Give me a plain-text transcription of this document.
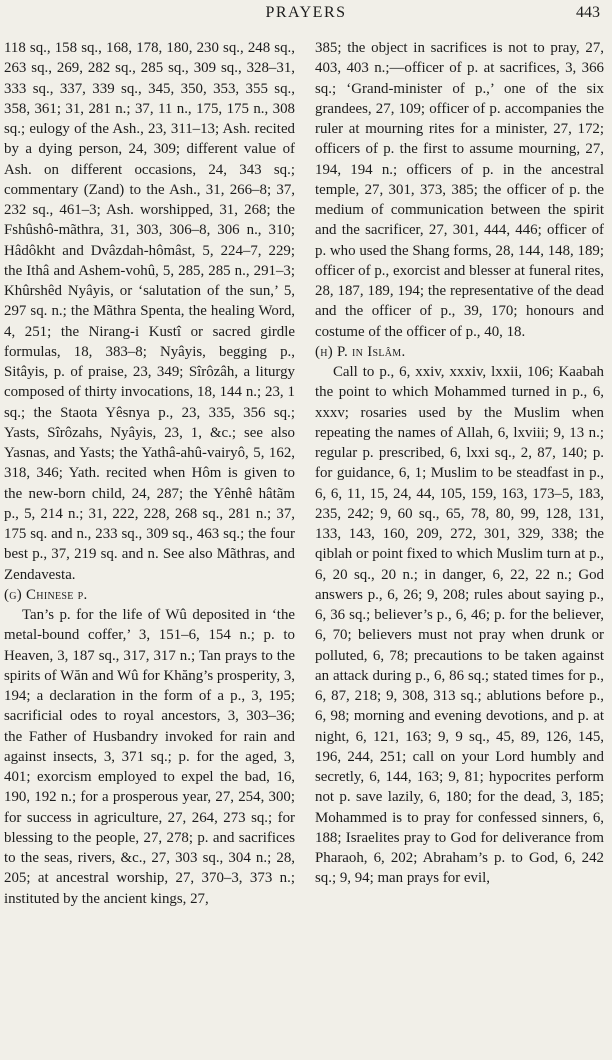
PRAYERS	443

118 sq., 158 sq., 168, 178, 180, 230 sq., 248 sq., 263 sq., 269, 282 sq., 285 sq., 309 sq., 328–31, 333 sq., 337, 339 sq., 345, 350, 353, 355 sq., 358, 361; 31, 281 n.; 37, 11 n., 175, 175 n., 308 sq.; eulogy of the Ash., 23, 311–13; Ash. recited by a dying person, 24, 309; different value of Ash. on different occasions, 24, 343 sq.; commentary (Zand) to the Ash., 31, 266–8; 37, 232 sq., 461–3; Ash. worshipped, 31, 268; the Fshûshô-mãthra, 31, 303, 306–8, 306 n., 310; Hâdôkht and Dvâzdah-hômâst, 5, 224–7, 229; the Ithâ and Ashem-vohû, 5, 285, 285 n., 291–3; Khûrshêd Nyâyis, or ‘salutation of the sun,’ 5, 297 sq. n.; the Mãthra Spenta, the healing Word, 4, 251; the Nirang-i Kustî or sacred girdle formulas, 18, 383–8; Nyâyis, begging p., Sitâyis, p. of praise, 23, 349; Sîrôzâh, a liturgy composed of thirty invocations, 18, 144 n.; 23, 1 sq.; the Staota Yêsnya p., 23, 335, 356 sq.; Yasts, Sîrôzahs, Nyâyis, 23, 1, &c.; see also Yasnas, and Yasts; the Yathâ-ahû-vairyô, 5, 162, 318, 346; Yath. recited when Hôm is given to the new-born child, 24, 287; the Yênhê hâtãm p., 5, 214 n.; 31, 222, 228, 268 sq., 281 n.; 37, 175 sq. and n., 233 sq., 309 sq., 463 sq.; the four best p., 37, 219 sq. and n. See also Mãthras, and Zendavesta.

(g) Chinese p.

Tan’s p. for the life of Wû deposited in ‘the metal-bound coffer,’ 3, 151–6, 154 n.; p. to Heaven, 3, 187 sq., 317, 317 n.; Tan prays to the spirits of Wăn and Wû for Khăng’s prosperity, 3, 194; a declaration in the form of a p., 3, 195; sacrificial odes to royal ancestors, 3, 303–36; the Father of Husbandry invoked for rain and against insects, 3, 371 sq.; p. for the aged, 3, 401; exorcism employed to expel the bad, 16, 190, 192 n.; for a prosperous year, 27, 254, 300; for success in agriculture, 27, 264, 273 sq.; for blessing to the people, 27, 278; p. and sacrifices to the seas, rivers, &c., 27, 303 sq., 304 n.; 28, 205; at ancestral worship, 27, 370–3, 373 n.; instituted by the ancient kings, 27,

385; the object in sacrifices is not to pray, 27, 403, 403 n.;—officer of p. at sacrifices, 3, 366 sq.; ‘Grand-minister of p.,’ one of the six grandees, 27, 109; officer of p. accompanies the ruler at mourning rites for a minister, 27, 172; officers of p. the first to assume mourning, 27, 194, 194 n.; officers of p. in the ancestral temple, 27, 301, 373, 385; the officer of p. the medium of communication between the spirit and the sacrificer, 27, 301, 444, 446; officer of p. who used the Shang forms, 28, 144, 148, 189; officer of p., exorcist and blesser at funeral rites, 28, 187, 189, 194; the representative of the dead and the officer of p., 39, 170; honours and costume of the officer of p., 40, 18.

(h) P. in Islâm.

Call to p., 6, xxiv, xxxiv, lxxii, 106; Kaabah the point to which Mohammed turned in p., 6, xxxv; rosaries used by the Muslim when repeating the names of Allah, 6, lxviii; 9, 13 n.; regular p. prescribed, 6, lxxi sq., 2, 87, 140; p. for guidance, 6, 1; Muslim to be steadfast in p., 6, 6, 11, 15, 24, 44, 105, 159, 163, 173–5, 183, 235, 242; 9, 60 sq., 65, 78, 80, 99, 128, 131, 133, 143, 160, 209, 272, 301, 329, 338; the qiblah or point fixed to which Muslim turn at p., 6, 20 sq., 20 n.; in danger, 6, 22, 22 n.; God answers p., 6, 26; 9, 208; rules about saying p., 6, 36 sq.; believer’s p., 6, 46; p. for the believer, 6, 70; believers must not pray when drunk or polluted, 6, 78; precautions to be taken against an attack during p., 6, 86 sq.; stated times for p., 6, 87, 218; 9, 308, 313 sq.; ablutions before p., 6, 98; morning and evening devotions, and p. at night, 6, 121, 163; 9, 9 sq., 45, 89, 126, 145, 196, 244, 251; call on your Lord humbly and secretly, 6, 144, 163; 9, 81; hypocrites perform not p. save lazily, 6, 180; for the dead, 3, 185; Mohammed is to pray for confessed sinners, 6, 188; Israelites pray to God for deliverance from Pharaoh, 6, 202; Abraham’s p. to God, 6, 242 sq.; 9, 94; man prays for evil,
